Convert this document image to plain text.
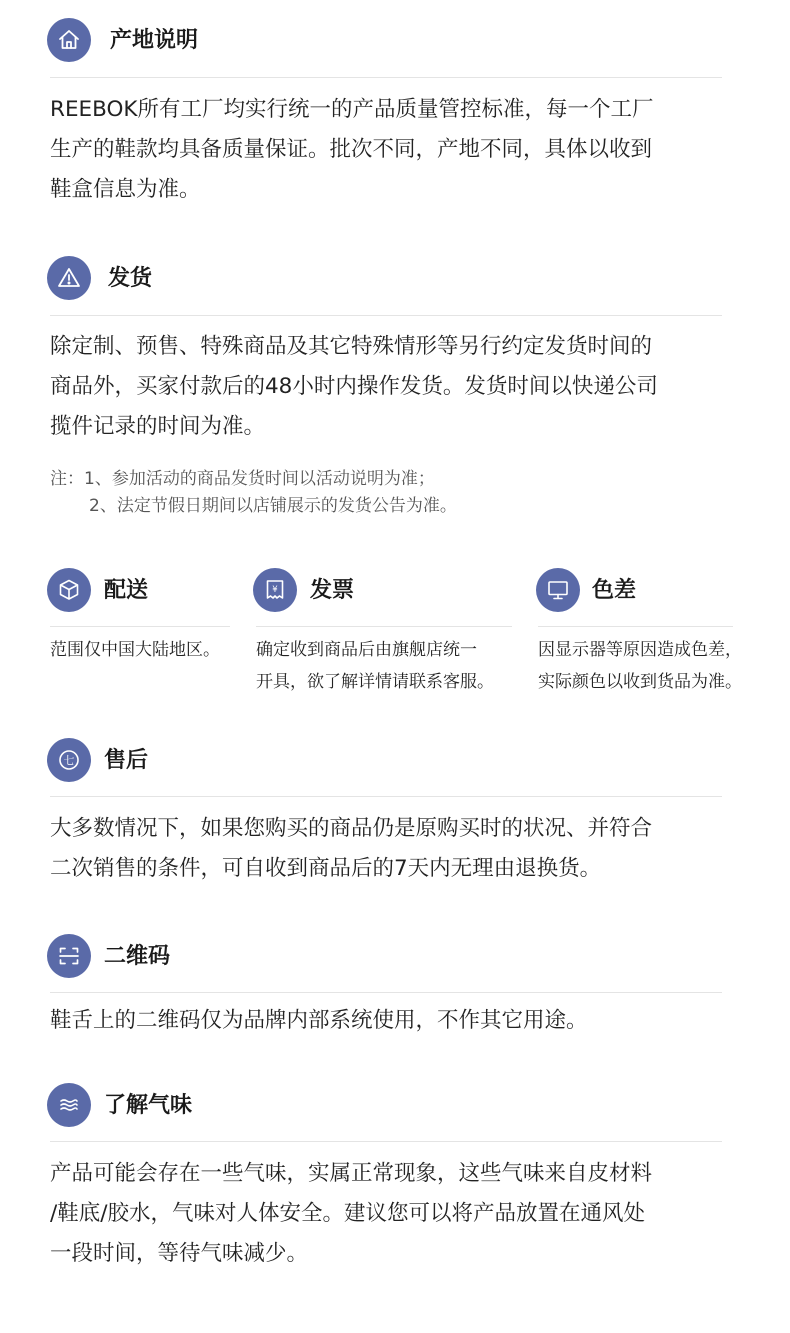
产地说明
REEBOK所有工厂均实行统一的产品质量管控标准，每一个工厂
生产的鞋款均具备质量保证。批次不同，产地不同，具体以收到
鞋盒信息为准。
发货
除定制、预售、特殊商品及其它特殊情形等另行约定发货时间的
商品外，买家付款后的48小时内操作发货。发货时间以快递公司
揽件记录的时间为准。
注：1、参加活动的商品发货时间以活动说明为准；
2、法定节假日期间以店铺展示的发货公告为准。
配送
范围仅中国大陆地区。
¥ 发票
确定收到商品后由旗舰店统一
开具，欲了解详情请联系客服。
色差
因显示器等原因造成色差，
实际颜色以收到货品为准。
七 售后
大多数情况下，如果您购买的商品仍是原购买时的状况、并符合
二次销售的条件，可自收到商品后的7天内无理由退换货。
二维码
鞋舌上的二维码仅为品牌内部系统使用，不作其它用途。
了解气味
产品可能会存在一些气味，实属正常现象，这些气味来自皮材料
/鞋底/胶水，气味对人体安全。建议您可以将产品放置在通风处
一段时间，等待气味减少。
